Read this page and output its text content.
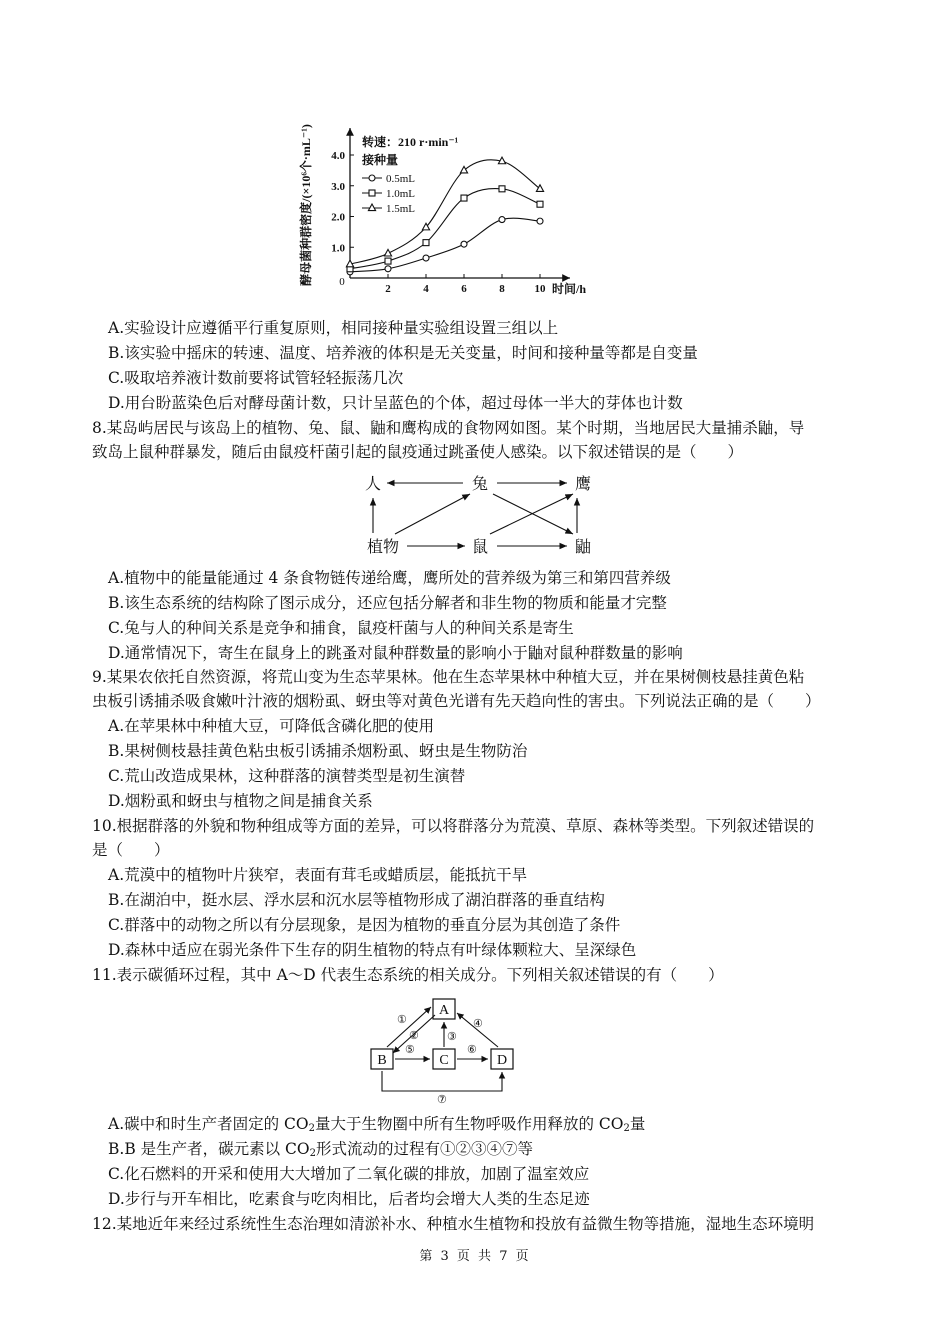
酵母菌种群密度/(×10⁶个·mL⁻¹)	转速：210 r·min⁻¹
接种量
0.5mL
1.0mL
1.5mL
0	时间/h
2	4	6	8	10
1.0
2.0
3.0
4.0
A.实验设计应遵循平行重复原则，相同接种量实验组设置三组以上
B.该实验中摇床的转速、温度、培养液的体积是无关变量，时间和接种量等都是自变量
C.吸取培养液计数前要将试管轻轻振荡几次
D.用台盼蓝染色后对酵母菌计数，只计呈蓝色的个体，超过母体一半大的芽体也计数
8.某岛屿居民与该岛上的植物、兔、鼠、鼬和鹰构成的食物网如图。某个时期，当地居民大量捕杀鼬，导
致岛上鼠种群暴发，随后由鼠疫杆菌引起的鼠疫通过跳蚤使人感染。以下叙述错误的是（　　）
人	兔	鹰
植物	鼠	鼬
A.植物中的能量能通过 4 条食物链传递给鹰，鹰所处的营养级为第三和第四营养级
B.该生态系统的结构除了图示成分，还应包括分解者和非生物的物质和能量才完整
C.兔与人的种间关系是竞争和捕食，鼠疫杆菌与人的种间关系是寄生
D.通常情况下，寄生在鼠身上的跳蚤对鼠种群数量的影响小于鼬对鼠种群数量的影响
9.某果农依托自然资源，将荒山变为生态苹果林。他在生态苹果林中种植大豆，并在果树侧枝悬挂黄色粘
虫板引诱捕杀吸食嫩叶汁液的烟粉虱、蚜虫等对黄色光谱有先天趋向性的害虫。下列说法正确的是（　　）
A.在苹果林中种植大豆，可降低含磷化肥的使用
B.果树侧枝悬挂黄色粘虫板引诱捕杀烟粉虱、蚜虫是生物防治
C.荒山改造成果林，这种群落的演替类型是初生演替
D.烟粉虱和蚜虫与植物之间是捕食关系
10.根据群落的外貌和物种组成等方面的差异，可以将群落分为荒漠、草原、森林等类型。下列叙述错误的
是（　　）
A.荒漠中的植物叶片狭窄，表面有茸毛或蜡质层，能抵抗干旱
B.在湖泊中，挺水层、浮水层和沉水层等植物形成了湖泊群落的垂直结构
C.群落中的动物之所以有分层现象，是因为植物的垂直分层为其创造了条件
D.森林中适应在弱光条件下生存的阴生植物的特点有叶绿体颗粒大、呈深绿色
11.表示碳循环过程，其中 A～D 代表生态系统的相关成分。下列相关叙述错误的有（　　）
A
B	C	D
①
②	③
④
⑤	⑥
⑦
A.碳中和时生产者固定的 $CO_2$量大于生物圈中所有生物呼吸作用释放的 $CO_2$量
B.B 是生产者，碳元素以 $CO_2$形式流动的过程有①②③④⑦等
C.化石燃料的开采和使用大大增加了二氧化碳的排放，加剧了温室效应
D.步行与开车相比，吃素食与吃肉相比，后者均会增大人类的生态足迹
12.某地近年来经过系统性生态治理如清淤补水、种植水生植物和投放有益微生物等措施，湿地生态环境明
第 3 页 共 7 页
